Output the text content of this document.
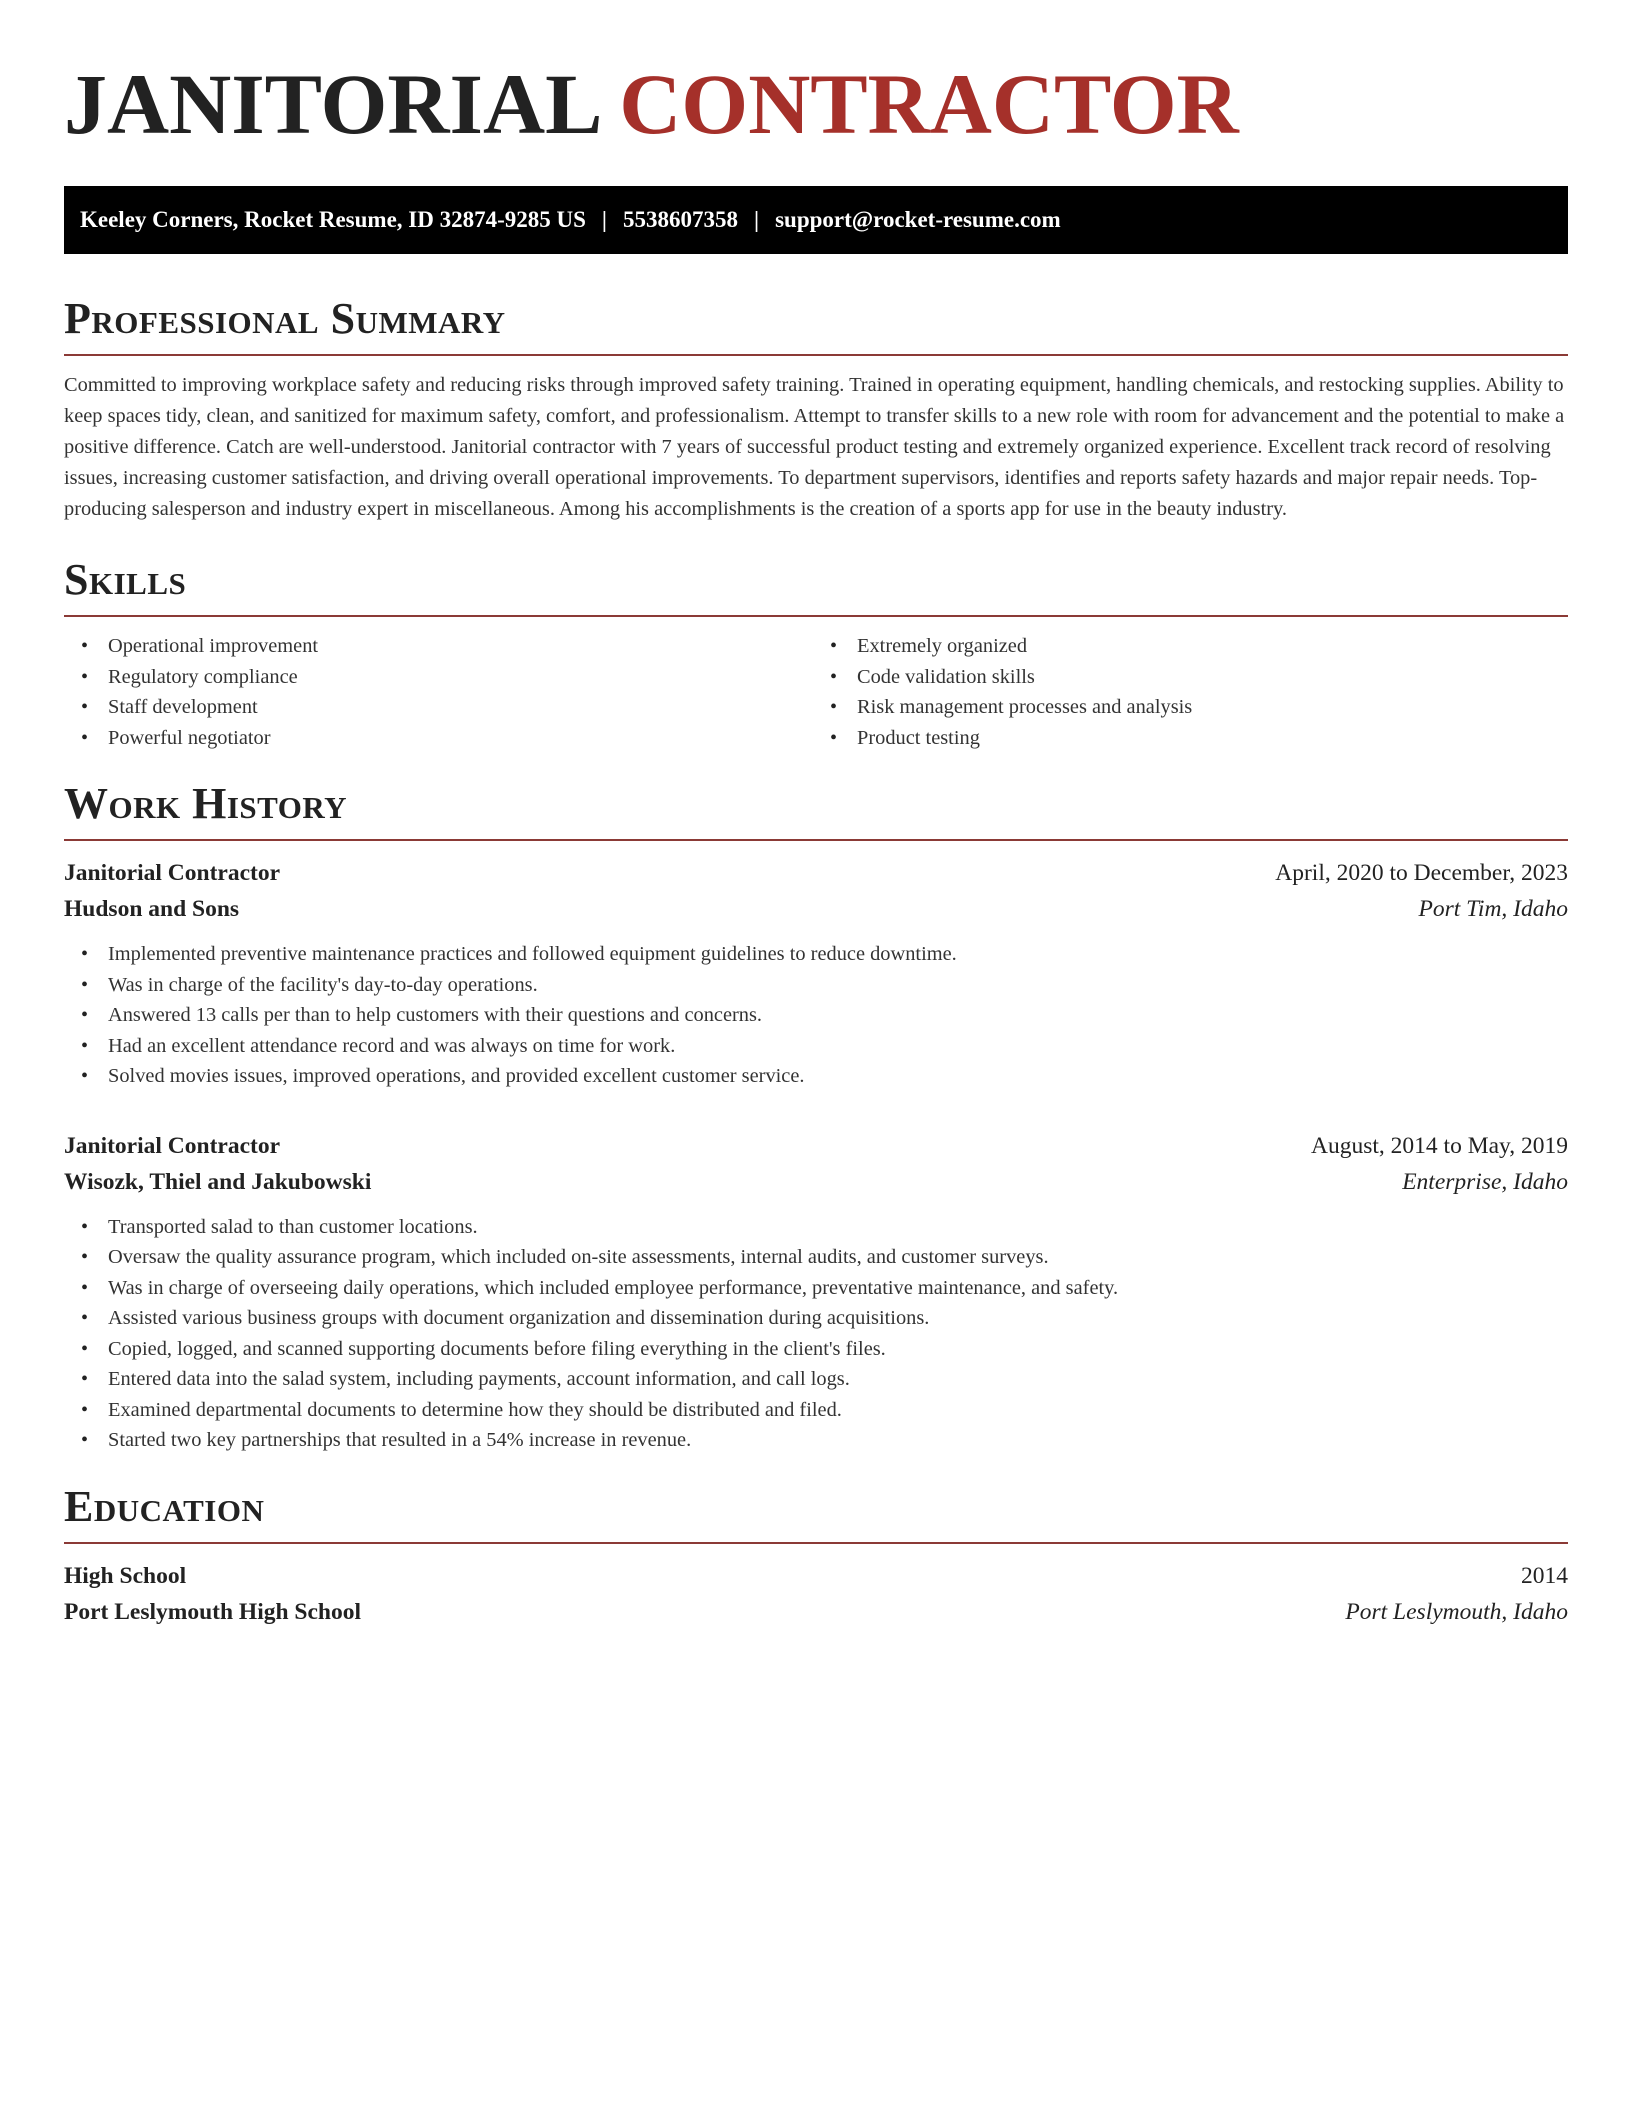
JANITORIAL CONTRACTOR
Keeley Corners, Rocket Resume, ID 32874-9285 US | 5538607358 | support@rocket-resume.com
Professional Summary

Committed to improving workplace safety and reducing risks through improved safety training. Trained in operating equipment, handling chemicals, and restocking supplies. Ability to keep spaces tidy, clean, and sanitized for maximum safety, comfort, and professionalism. Attempt to transfer skills to a new role with room for advancement and the potential to make a positive difference. Catch are well-understood. Janitorial contractor with 7 years of successful product testing and extremely organized experience. Excellent track record of resolving issues, increasing customer satisfaction, and driving overall operational improvements. To department supervisors, identifies and reports safety hazards and major repair needs. Top-producing salesperson and industry expert in miscellaneous. Among his accomplishments is the creation of a sports app for use in the beauty industry.

Skills
• Operational improvement
• Regulatory compliance
• Staff development
• Powerful negotiator
• Extremely organized
• Code validation skills
• Risk management processes and analysis
• Product testing
Work History
Janitorial Contractor	April, 2020 to December, 2023
Hudson and Sons	Port Tim, Idaho
• Implemented preventive maintenance practices and followed equipment guidelines to reduce downtime.
• Was in charge of the facility's day-to-day operations.
• Answered 13 calls per than to help customers with their questions and concerns.
• Had an excellent attendance record and was always on time for work.
• Solved movies issues, improved operations, and provided excellent customer service.
Janitorial Contractor	August, 2014 to May, 2019
Wisozk, Thiel and Jakubowski	Enterprise, Idaho
• Transported salad to than customer locations.
• Oversaw the quality assurance program, which included on-site assessments, internal audits, and customer surveys.
• Was in charge of overseeing daily operations, which included employee performance, preventative maintenance, and safety.
• Assisted various business groups with document organization and dissemination during acquisitions.
• Copied, logged, and scanned supporting documents before filing everything in the client's files.
• Entered data into the salad system, including payments, account information, and call logs.
• Examined departmental documents to determine how they should be distributed and filed.
• Started two key partnerships that resulted in a 54% increase in revenue.
Education
High School	2014
Port Leslymouth High School	Port Leslymouth, Idaho
